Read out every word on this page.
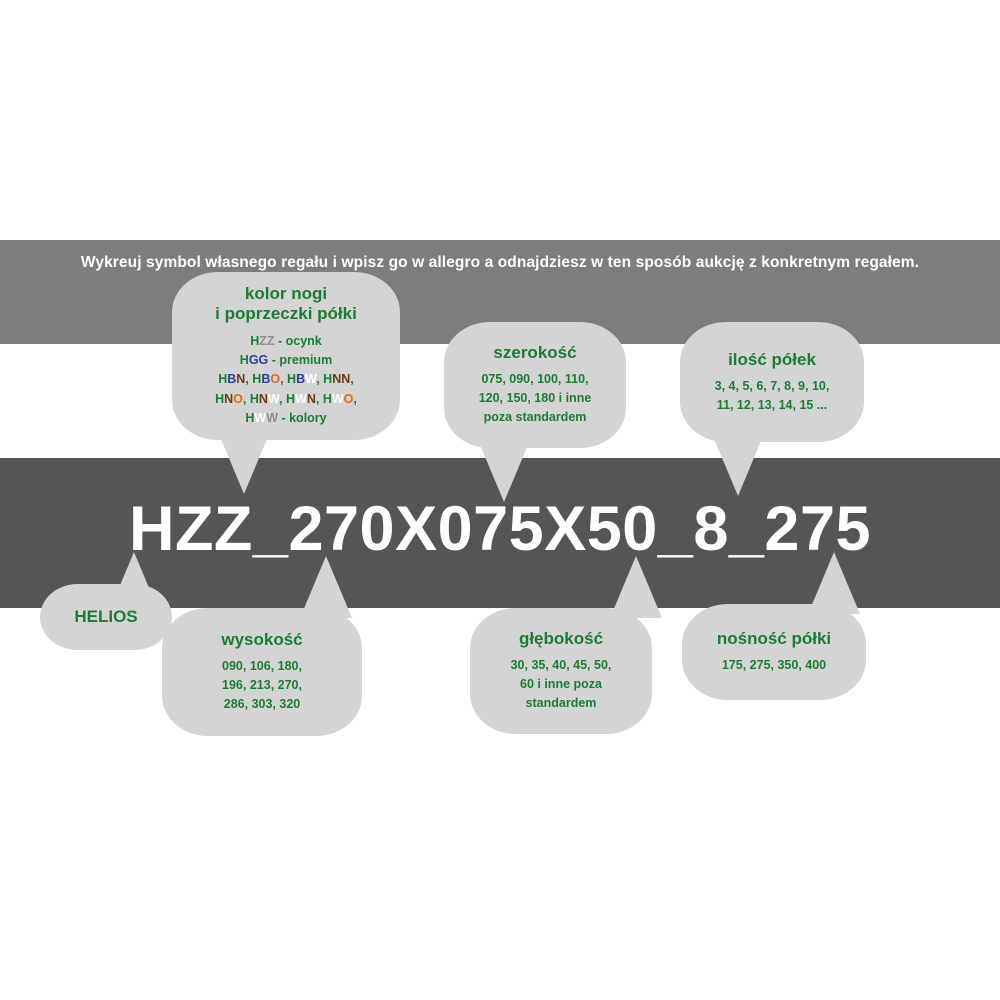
Wykreuj symbol własnego regału i wpisz go w allegro a odnajdziesz w ten sposób aukcję z konkretnym regałem.
HZZ_270X075X50_8_275
kolor nogi
i poprzeczki półki
HZZ - ocynk
HGG - premium
HBN, HBO, HBW, HNN,
HNO, HNW, HWN, HWO,
HWW - kolory
szerokość
075, 090, 100, 110,
120, 150, 180 i inne
poza standardem
ilość półek
3, 4, 5, 6, 7, 8, 9, 10,
11, 12, 13, 14, 15 ...
HELIOS
wysokość
090, 106, 180,
196, 213, 270,
286, 303, 320
głębokość
30, 35, 40, 45, 50,
60 i inne poza
standardem
nośność półki
175, 275, 350, 400
